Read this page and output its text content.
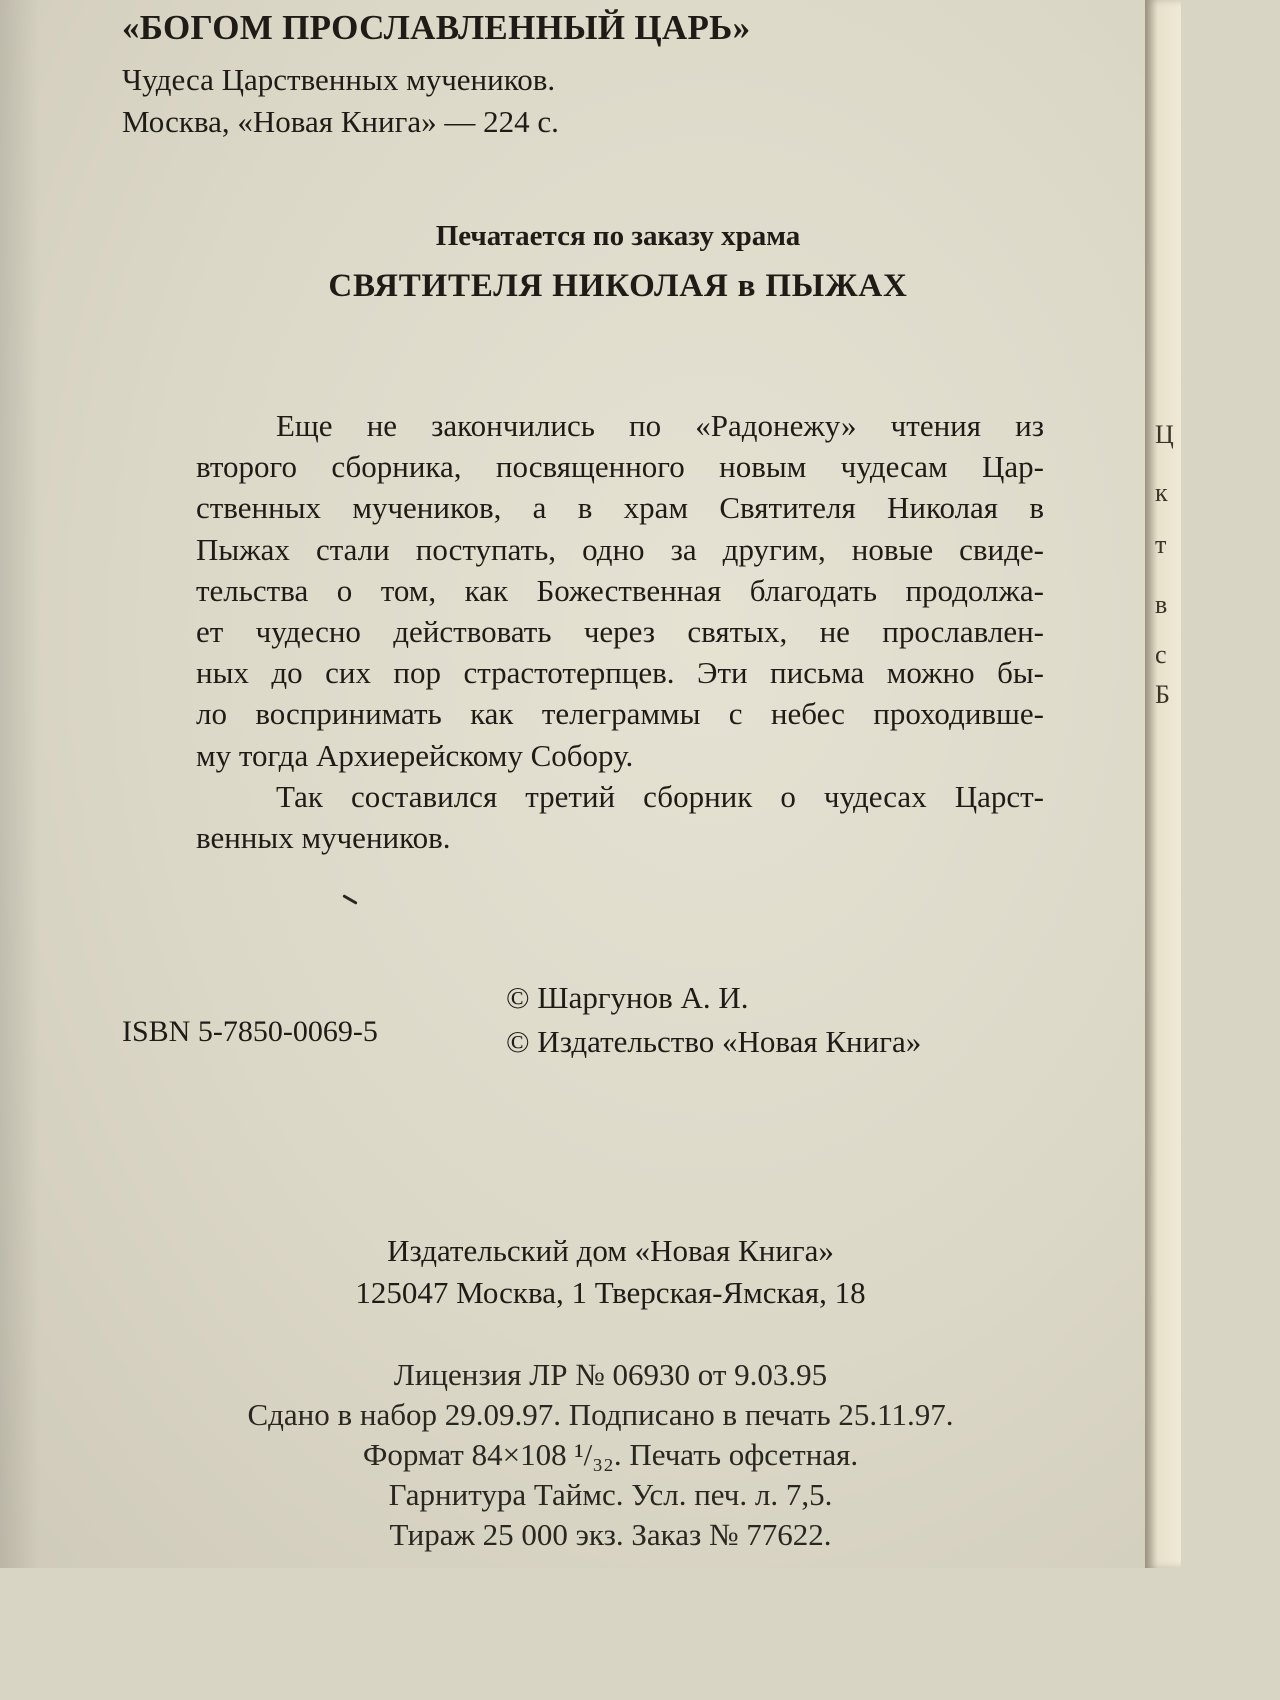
«БОГОМ ПРОСЛАВЛЕННЫЙ ЦАРЬ»
Чудеса Царственных мучеников.
Москва, «Новая Книга» — 224 с.
Печатается по заказу храма
СВЯТИТЕЛЯ НИКОЛАЯ в ПЫЖАХ
Еще не закончились по «Радонежу» чтения из
второго сборника, посвященного новым чудесам Цар-
ственных мучеников, а в храм Святителя Николая в
Пыжах стали поступать, одно за другим, новые свиде-
тельства о том, как Божественная благодать продолжа-
ет чудесно действовать через святых, не прославлен-
ных до сих пор страстотерпцев. Эти письма можно бы-
ло воспринимать как телеграммы с небес проходивше-
му тогда Архиерейскому Собору.
Так составился третий сборник о чудесах Царст-
венных мучеников.
ISBN 5-7850-0069-5
© Шаргунов А. И.
© Издательство «Новая Книга»
Издательский дом «Новая Книга»
125047 Москва, 1 Тверская-Ямская, 18
Лицензия ЛР № 06930 от 9.03.95
Сдано в набор 29.09.97. Подписано в печать 25.11.97.
Формат 84×108 ¹/₃₂. Печать офсетная.
Гарнитура Таймс. Усл. печ. л. 7,5.
Тираж 25 000 экз. Заказ № 77622.
Ц
к
т
в
с
Б
